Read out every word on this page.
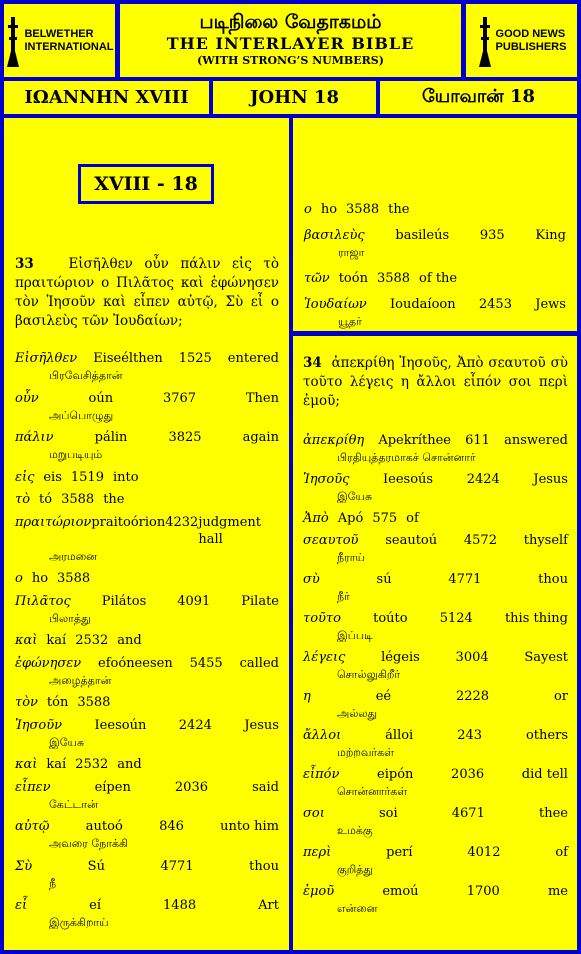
BELWETHER
INTERNATIONAL
படிநிலை வேதாகமம்
THE INTERLAYER BIBLE
(WITH STRONG’S NUMBERS)
GOOD NEWS
PUBLISHERS
ΙΩΑΝΝΗΝ XVIII	JOHN 18	யோவான் 18
XVIII - 18
33	Εἰσῆλθεν οὖν πάλιν εἰς τὸ πραιτώριον ο Πιλᾶτος καὶ ἐφώνησεν τὸν Ἰησοῦν καὶ εἶπεν αὐτῷ, Σὺ εἶ ο βασιλεὺς τῶν Ἰουδαίων;
Εἰσῆλθεν Eiseélthen 1525 entered
பிரவேசித்தான்
οὖν	oún	3767	Then
அப்பொழுது
πάλιν	pálin	3825	again
மறுபடியும்
εἰς eis 1519 into
τὸ tó 3588 the
πραιτώριον praitoórion 4232 judgment hall
அரமனை
ο ho 3588
Πιλᾶτος Pilátos 4091 Pilate
பிலாத்து
καὶ kaí 2532 and
ἐφώνησεν efoóneesen 5455 called
அழைத்தான்
τὸν tón 3588
Ἰησοῦν Ieesoún 2424 Jesus
இயேசு
καὶ kaí 2532 and
εἶπεν	eípen	2036	said
கேட்டான்
αὐτῷ	autoó	846	unto him
அவரை நோக்கி
Σὺ	Sú	4771	thou
நீ
εἶ	eí	1488	Art
இருக்கிறாய்
ο ho 3588 the
βασιλεὺς basileús 935 King
ராஜா
τῶν toón 3588 of the
Ἰουδαίων Ioudaíoon 2453 Jews
யூதர்
34 ἀπεκρίθη Ἰησοῦς, Ἀπὸ σεαυτοῦ σὺ τοῦτο λέγεις η ἄλλοι εἶπόν σοι περὶ ἐμοῦ;
ἀπεκρίθη Apekríthee 611 answered
பிரதியுத்தரமாகச் சொன்னார்
Ἰησοῦς	Ieesoús	2424	Jesus
இயேசு
Ἀπὸ Apó 575 of
σεαυτοῦ seautoú 4572 thyself
நீராய்
σὺ	sú	4771	thou
நீர்
τοῦτο toúto 5124 this thing
இப்படி
λέγεις	légeis	3004	Sayest
சொல்லுகிறீர்
η	eé	2228	or
அல்லது
ἄλλοι	álloi	243	others
மற்றவர்கள்
εἶπόν	eipón	2036	did tell
சொன்னார்கள்
σοι	soi	4671	thee
உமக்கு
περὶ	perí	4012	of
குறித்து
ἐμοῦ	emoú	1700	me
என்னை
